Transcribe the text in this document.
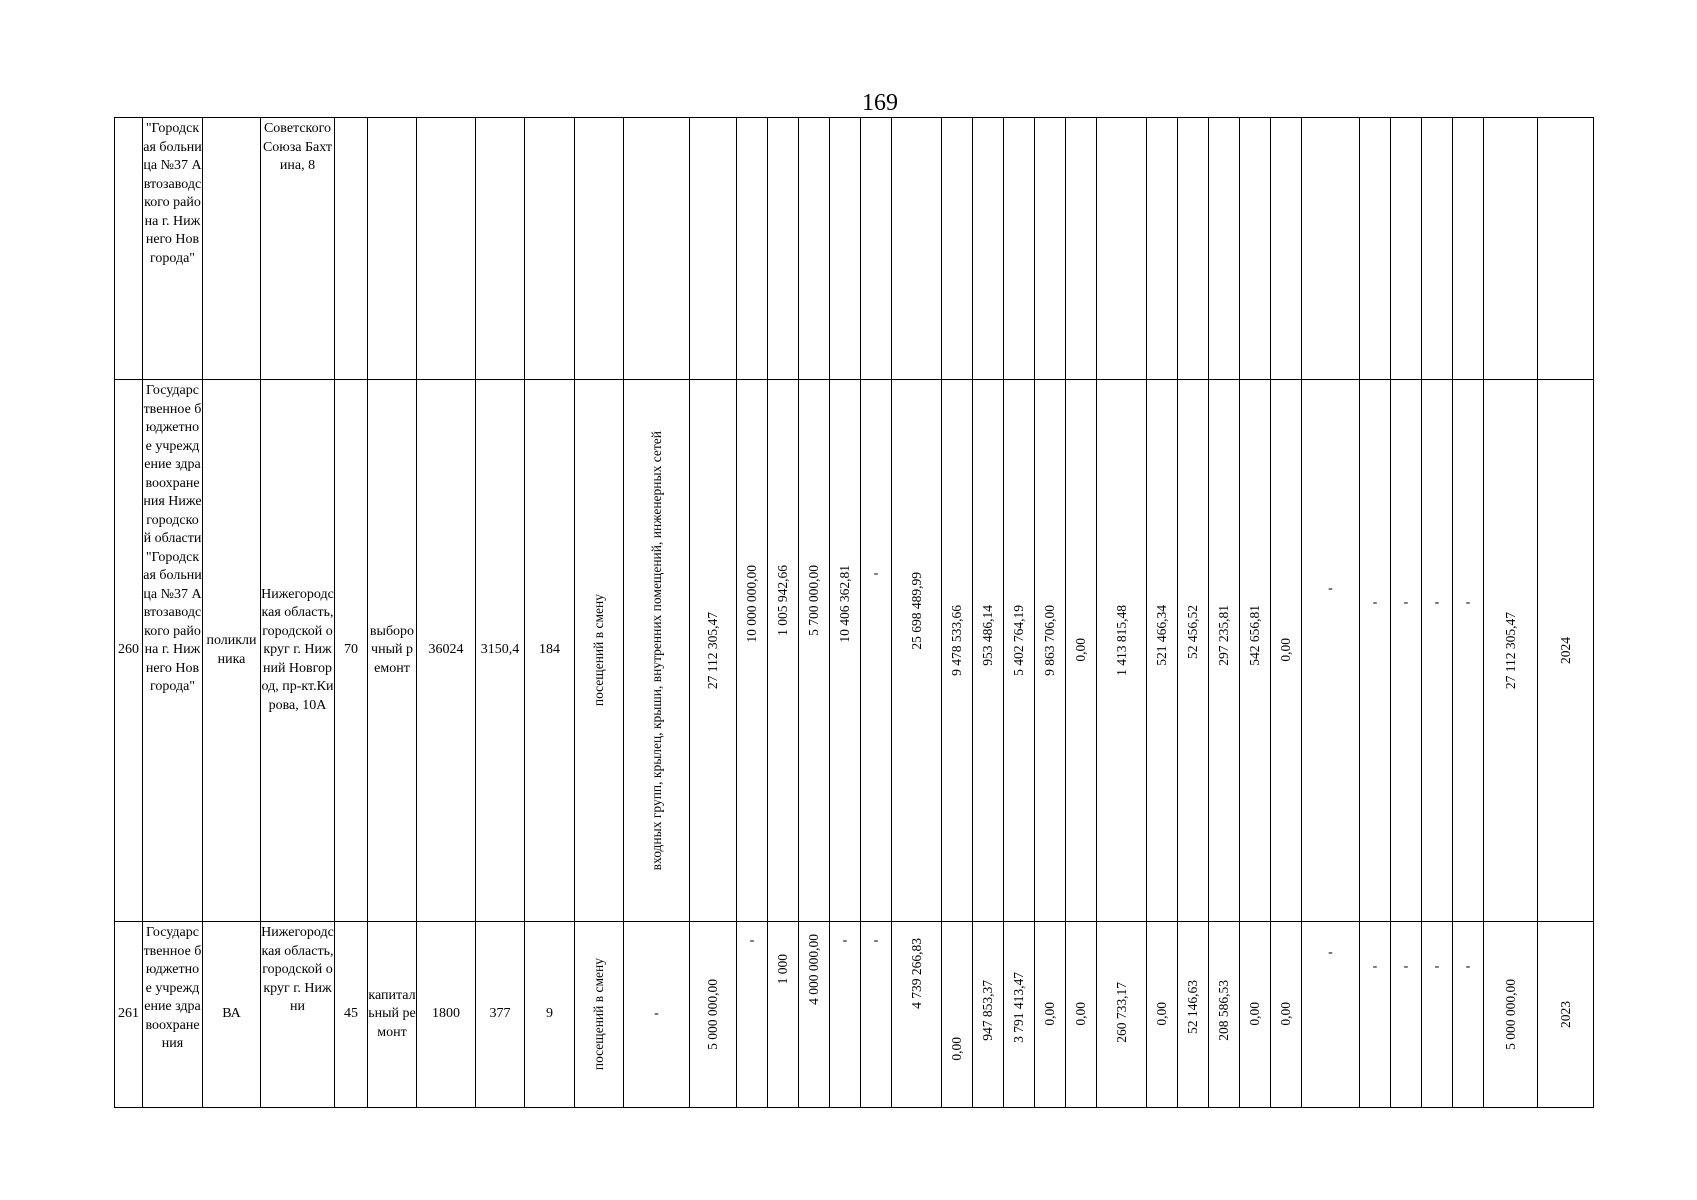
169
	"Городская больница №37 Автозаводского района г. Нижнего Новгорода"		Советского Союза Бахтина, 8																																
260	Государственное бюджетное учреждение здравоохранения Нижегородской области "Городская больница №37 Автозаводского района г. Нижнего Новгорода"	поликлиника	Нижегородская область, городской округ г. Нижний Новгород, пр-кт.Кирова, 10А	70	выборочный ремонт	36024	3150,4	184	посещений в смену	входных групп, крылец, крыши, внутренних помещений, инженерных сетей	27 112 305,47	10 000 000,00	1 005 942,66	5 700 000,00	10 406 362,81	-	25 698 489,99	9 478 533,66	953 486,14	5 402 764,19	9 863 706,00	0,00	1 413 815,48	521 466,34	52 456,52	297 235,81	542 656,81	0,00	-	-	-	-	-	27 112 305,47	2024

261	Государственное бюджетное учреждение здравоохранения	ВА	Нижегородская область, городской округ г. Нижни	45	капитальный ремонт	1800	377	9	посещений в смену	-	5 000 000,00	-	1 000	4 000 000,00	-	-	4 739 266,83	0,00	947 853,37	3 791 413,47	0,00	0,00	260 733,17	0,00	52 146,63	208 586,53	0,00	0,00	-	-	-	-	-	5 000 000,00	2023
